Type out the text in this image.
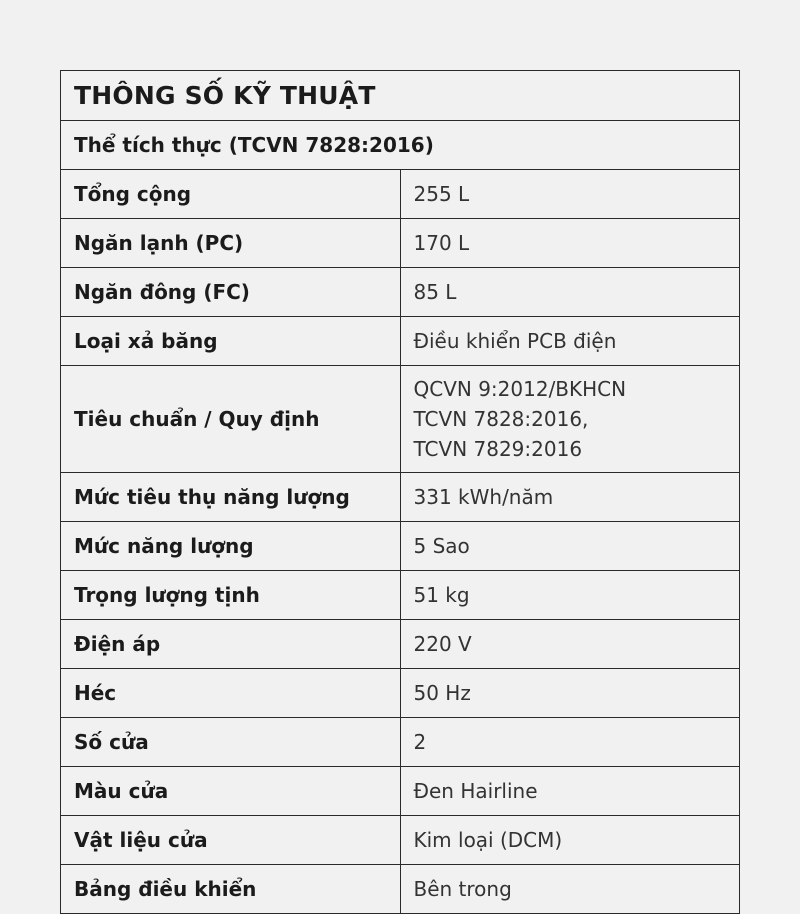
THÔNG SỐ KỸ THUẬT	
Thể tích thực (TCVN 7828:2016)	
Tổng cộng	255 L
Ngăn lạnh (PC)	170 L
Ngăn đông (FC)	85 L
Loại xả băng	Điều khiển PCB điện
Tiêu chuẩn / Quy định	QCVN 9:2012/BKHCN
TCVN 7828:2016,
TCVN 7829:2016

Mức tiêu thụ năng lượng	331 kWh/năm
Mức năng lượng	5 Sao
Trọng lượng tịnh	51 kg
Điện áp	220 V
Héc	50 Hz
Số cửa	2
Màu cửa	Đen Hairline
Vật liệu cửa	Kim loại (DCM)
Bảng điều khiển	Bên trong
